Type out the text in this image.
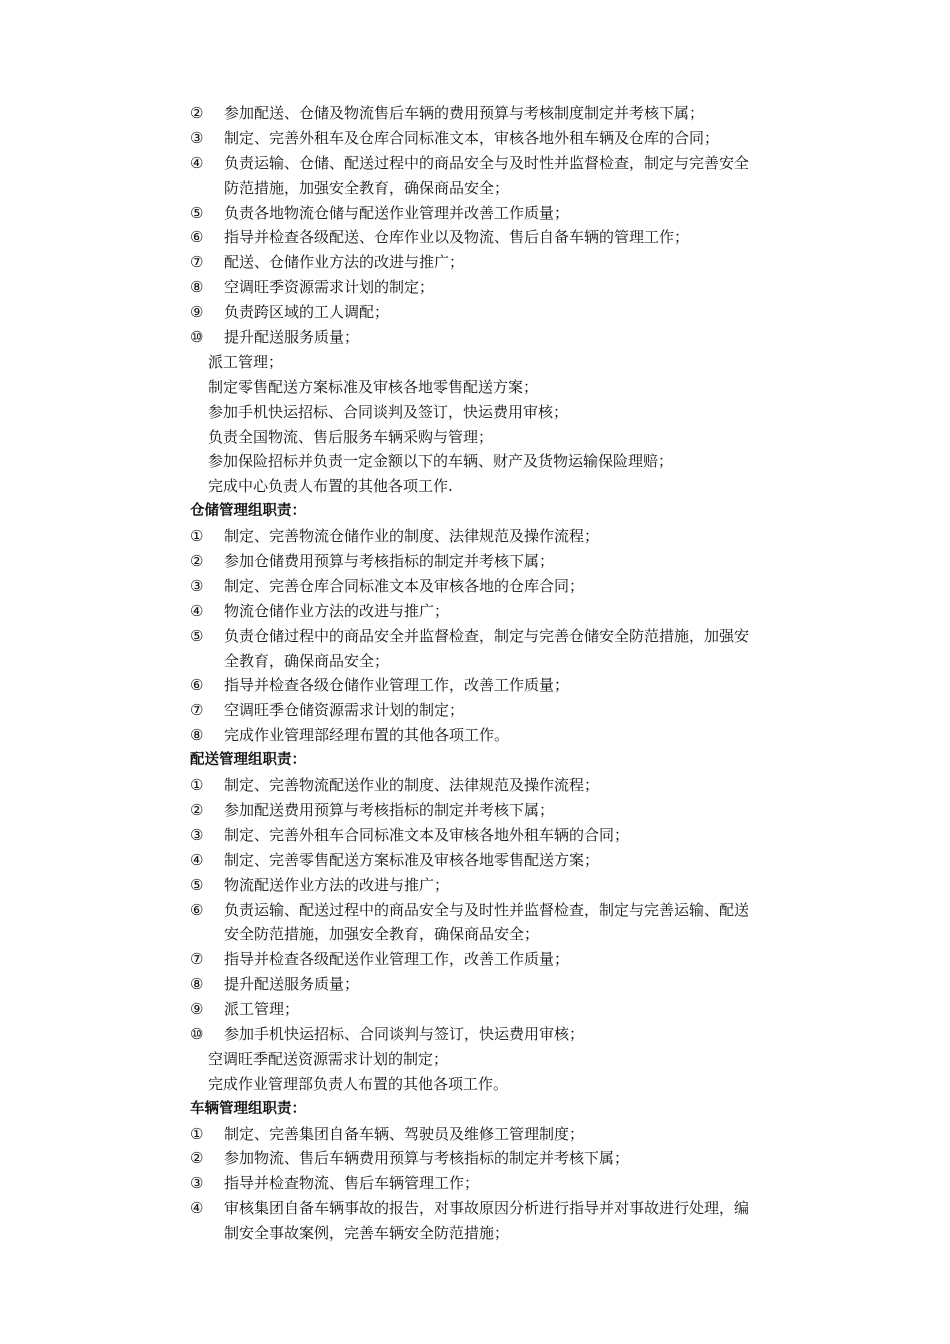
②	参加配送、仓储及物流售后车辆的费用预算与考核制度制定并考核下属；
③	制定、完善外租车及仓库合同标准文本，审核各地外租车辆及仓库的合同；
④	负责运输、仓储、配送过程中的商品安全与及时性并监督检查，制定与完善安全
防范措施，加强安全教育，确保商品安全；
⑤	负责各地物流仓储与配送作业管理并改善工作质量；
⑥	指导并检查各级配送、仓库作业以及物流、售后自备车辆的管理工作；
⑦	配送、仓储作业方法的改进与推广；
⑧	空调旺季资源需求计划的制定；
⑨	负责跨区域的工人调配；
⑩	提升配送服务质量；
派工管理；
制定零售配送方案标准及审核各地零售配送方案；
参加手机快运招标、合同谈判及签订，快运费用审核；
负责全国物流、售后服务车辆采购与管理；
参加保险招标并负责一定金额以下的车辆、财产及货物运输保险理赔；
完成中心负责人布置的其他各项工作.
仓储管理组职责：
①	制定、完善物流仓储作业的制度、法律规范及操作流程；
②	参加仓储费用预算与考核指标的制定并考核下属；
③	制定、完善仓库合同标准文本及审核各地的仓库合同；
④	物流仓储作业方法的改进与推广；
⑤	负责仓储过程中的商品安全并监督检查，制定与完善仓储安全防范措施，加强安
全教育，确保商品安全；
⑥	指导并检查各级仓储作业管理工作，改善工作质量；
⑦	空调旺季仓储资源需求计划的制定；
⑧	完成作业管理部经理布置的其他各项工作。
配送管理组职责：
①	制定、完善物流配送作业的制度、法律规范及操作流程；
②	参加配送费用预算与考核指标的制定并考核下属；
③	制定、完善外租车合同标准文本及审核各地外租车辆的合同；
④	制定、完善零售配送方案标准及审核各地零售配送方案；
⑤	物流配送作业方法的改进与推广；
⑥	负责运输、配送过程中的商品安全与及时性并监督检查，制定与完善运输、配送
安全防范措施，加强安全教育，确保商品安全；
⑦	指导并检查各级配送作业管理工作，改善工作质量；
⑧	提升配送服务质量；
⑨	派工管理；
⑩	参加手机快运招标、合同谈判与签订，快运费用审核；
空调旺季配送资源需求计划的制定；
完成作业管理部负责人布置的其他各项工作。
车辆管理组职责：
①	制定、完善集团自备车辆、驾驶员及维修工管理制度；
②	参加物流、售后车辆费用预算与考核指标的制定并考核下属；
③	指导并检查物流、售后车辆管理工作；
④	审核集团自备车辆事故的报告，对事故原因分析进行指导并对事故进行处理，编
制安全事故案例，完善车辆安全防范措施；
